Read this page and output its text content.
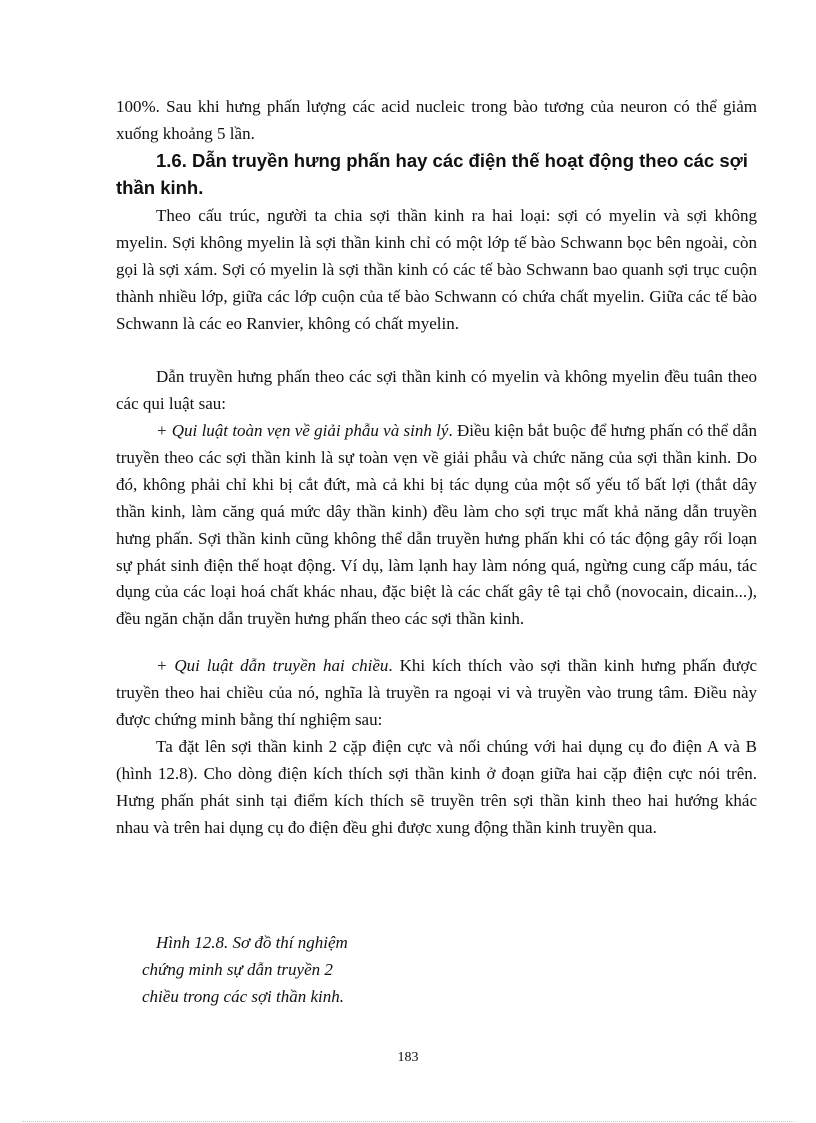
100%. Sau khi hưng phấn lượng các acid nucleic trong bào tương của neuron có thể giảm xuống khoảng 5 lần.

1.6. Dẫn truyền hưng phấn hay các điện thế hoạt động theo các sợi thần kinh.

Theo cấu trúc, người ta chia sợi thần kinh ra hai loại: sợi có myelin và sợi không myelin. Sợi không myelin là sợi thần kinh chỉ có một lớp tế bào Schwann bọc bên ngoài, còn gọi là sợi xám. Sợi có myelin là sợi thần kinh có các tế bào Schwann bao quanh sợi trục cuộn thành nhiều lớp, giữa các lớp cuộn của tế bào Schwann có chứa chất myelin. Giữa các tế bào Schwann là các eo Ranvier, không có chất myelin.

Dẫn truyền hưng phấn theo các sợi thần kinh có myelin và không myelin đều tuân theo các qui luật sau:

+ Qui luật toàn vẹn về giải phẫu và sinh lý. Điều kiện bắt buộc để hưng phấn có thể dẫn truyền theo các sợi thần kinh là sự toàn vẹn về giải phẫu và chức năng của sợi thần kinh. Do đó, không phải chỉ khi bị cắt đứt, mà cả khi bị tác dụng của một số yếu tố bất lợi (thắt dây thần kinh, làm căng quá mức dây thần kinh) đều làm cho sợi trục mất khả năng dẫn truyền hưng phấn. Sợi thần kinh cũng không thể dẫn truyền hưng phấn khi có tác động gây rối loạn sự phát sinh điện thế hoạt động. Ví dụ, làm lạnh hay làm nóng quá, ngừng cung cấp máu, tác dụng của các loại hoá chất khác nhau, đặc biệt là các chất gây tê tại chỗ (novocain, dicain...), đều ngăn chặn dẫn truyền hưng phấn theo các sợi thần kinh.

+ Qui luật dẫn truyền hai chiều. Khi kích thích vào sợi thần kinh hưng phấn được truyền theo hai chiều của nó, nghĩa là truyền ra ngoại vi và truyền vào trung tâm. Điều này được chứng minh bằng thí nghiệm sau:

Ta đặt lên sợi thần kinh 2 cặp điện cực và nối chúng với hai dụng cụ đo điện A và B (hình 12.8). Cho dòng điện kích thích sợi thần kinh ở đoạn giữa hai cặp điện cực nói trên. Hưng phấn phát sinh tại điểm kích thích sẽ truyền trên sợi thần kinh theo hai hướng khác nhau và trên hai dụng cụ đo điện đều ghi được xung động thần kinh truyền qua.

Hình 12.8. Sơ đồ thí nghiệm
chứng minh sự dẫn truyền 2
chiều trong các sợi thần kinh.

183
